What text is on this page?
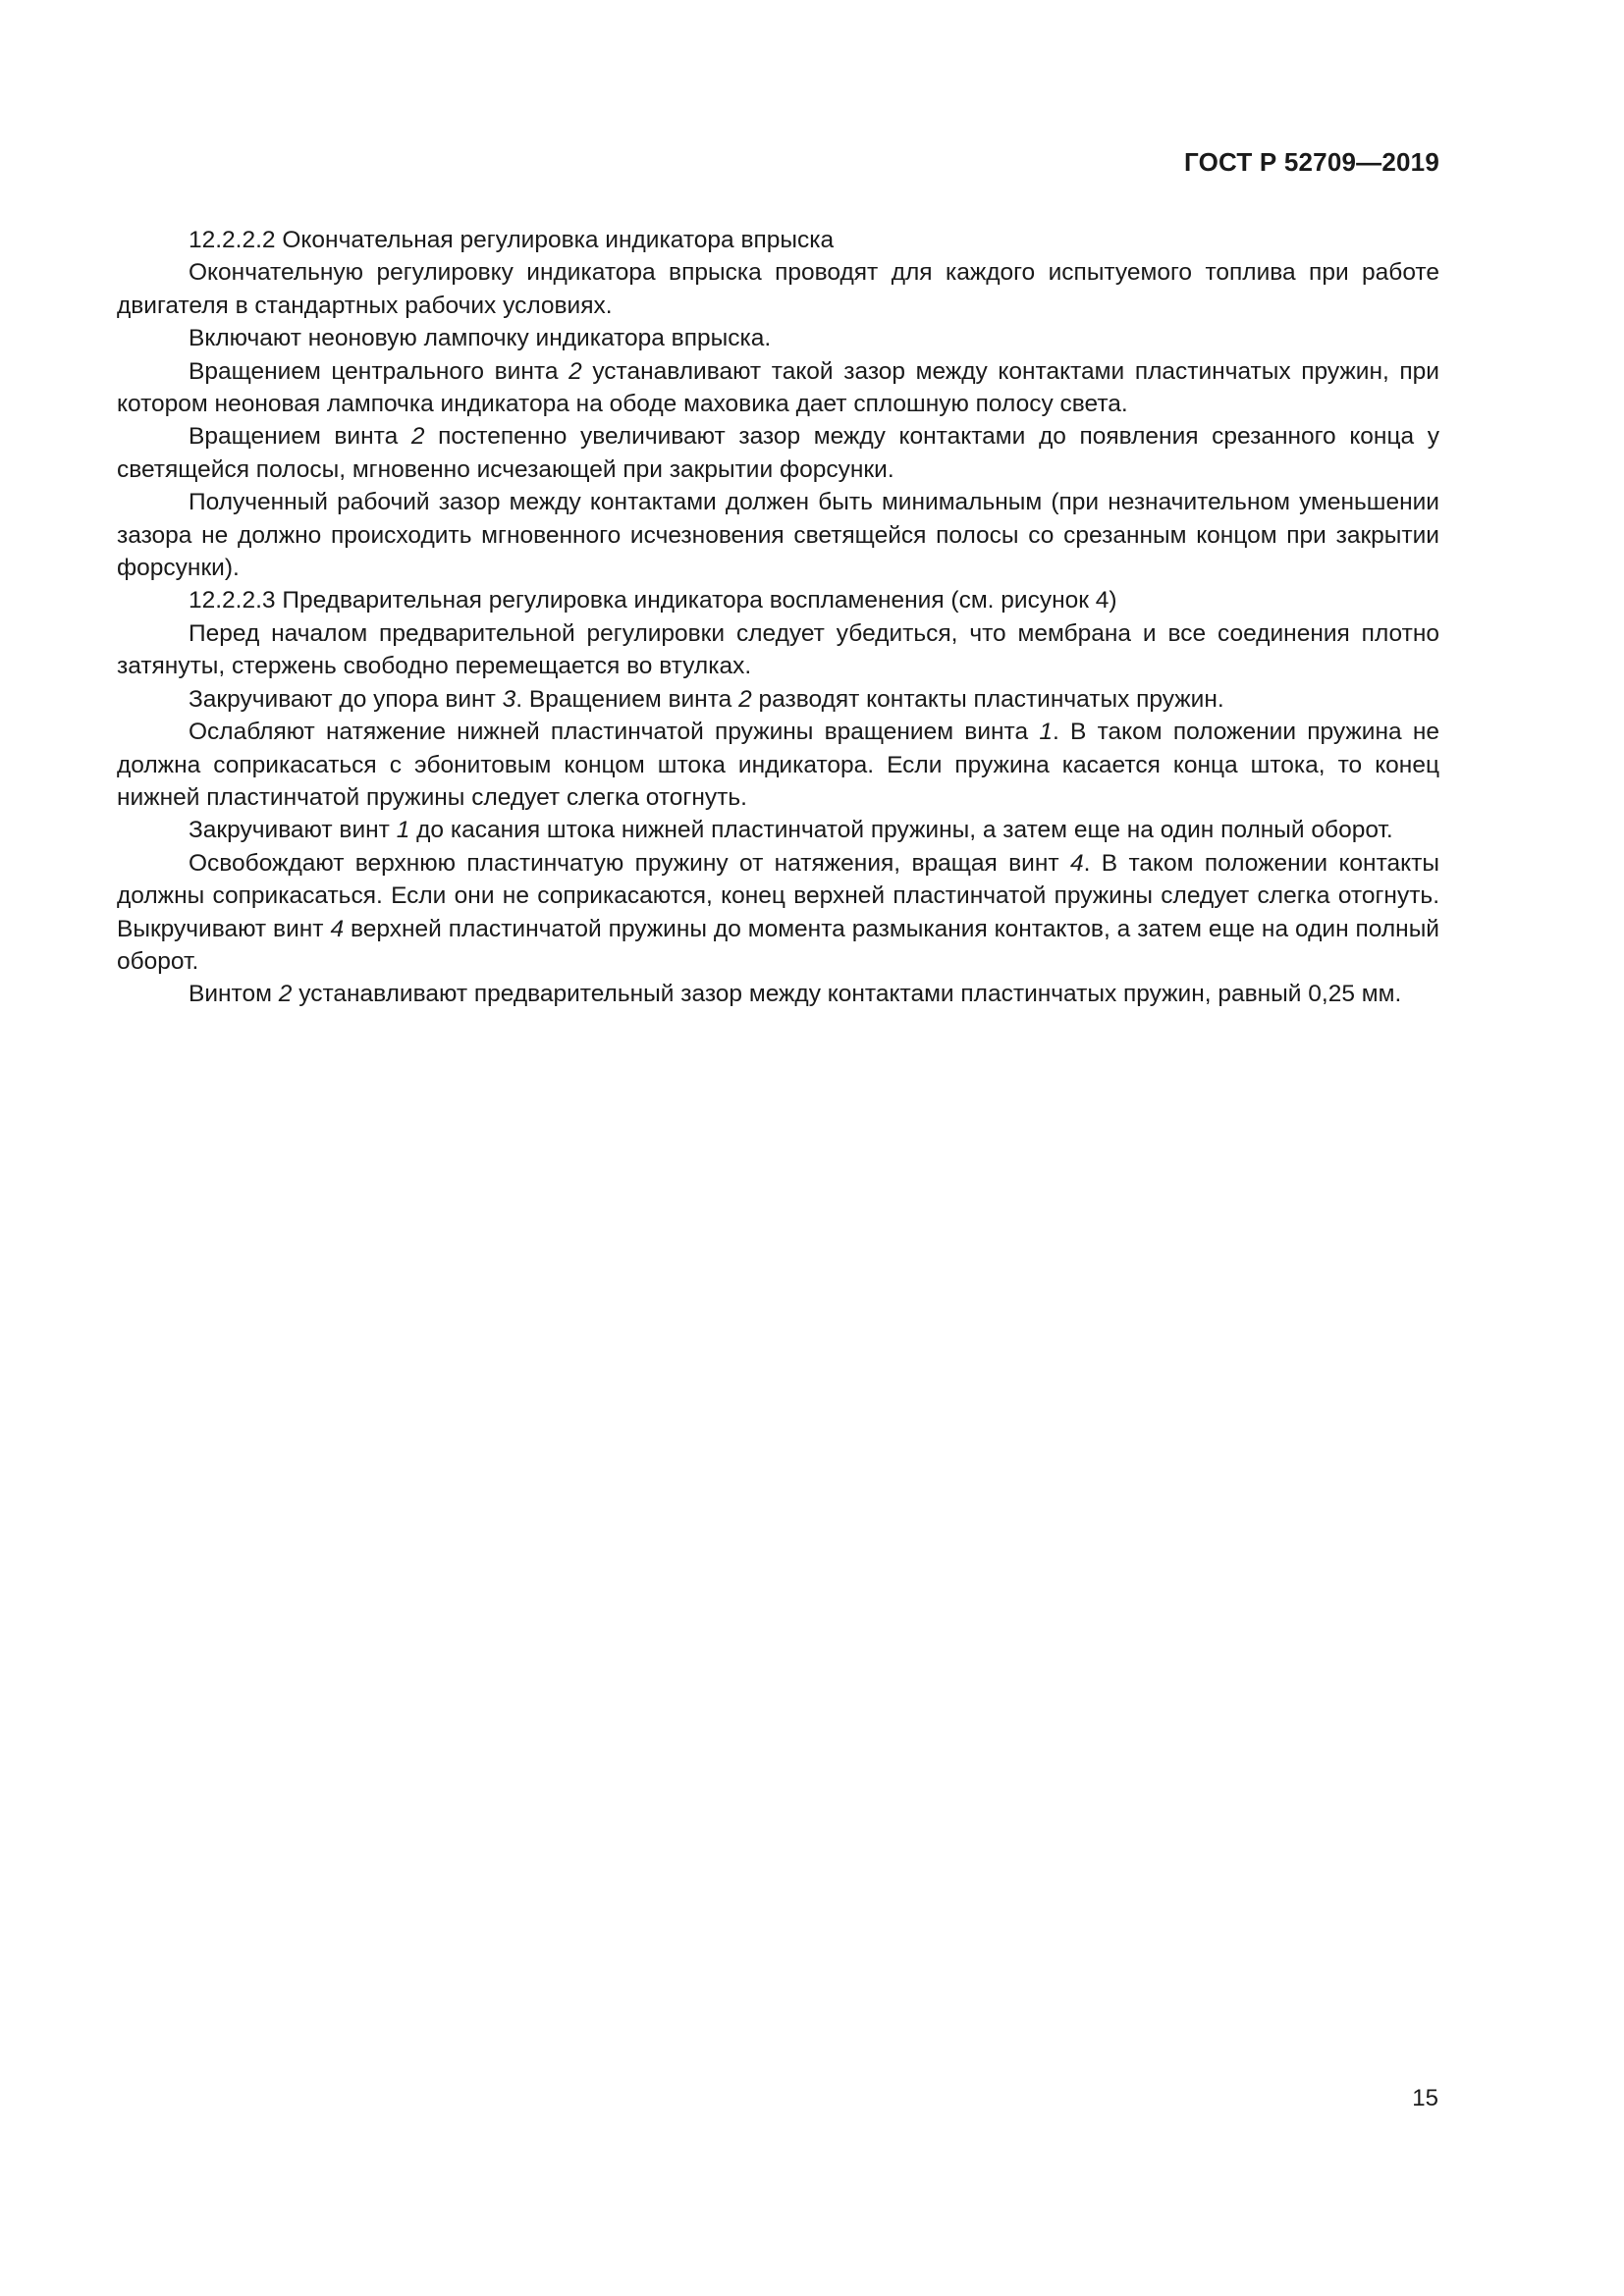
ГОСТ Р 52709—2019

12.2.2.2 Окончательная регулировка индикатора впрыска

Окончательную регулировку индикатора впрыска проводят для каждого испытуемого топлива при работе двигателя в стандартных рабочих условиях.

Включают неоновую лампочку индикатора впрыска.

Вращением центрального винта 2 устанавливают такой зазор между контактами пластинчатых пружин, при котором неоновая лампочка индикатора на ободе маховика дает сплошную полосу света.

Вращением винта 2 постепенно увеличивают зазор между контактами до появления срезанного конца у светящейся полосы, мгновенно исчезающей при закрытии форсунки.

Полученный рабочий зазор между контактами должен быть минимальным (при незначительном уменьшении зазора не должно происходить мгновенного исчезновения светящейся полосы со срезанным концом при закрытии форсунки).

12.2.2.3 Предварительная регулировка индикатора воспламенения (см. рисунок 4)

Перед началом предварительной регулировки следует убедиться, что мембрана и все соединения плотно затянуты, стержень свободно перемещается во втулках.

Закручивают до упора винт 3. Вращением винта 2 разводят контакты пластинчатых пружин.

Ослабляют натяжение нижней пластинчатой пружины вращением винта 1. В таком положении пружина не должна соприкасаться с эбонитовым концом штока индикатора. Если пружина касается конца штока, то конец нижней пластинчатой пружины следует слегка отогнуть.

Закручивают винт 1 до касания штока нижней пластинчатой пружины, а затем еще на один полный оборот.

Освобождают верхнюю пластинчатую пружину от натяжения, вращая винт 4. В таком положении контакты должны соприкасаться. Если они не соприкасаются, конец верхней пластинчатой пружины следует слегка отогнуть. Выкручивают винт 4 верхней пластинчатой пружины до момента размыкания контактов, а затем еще на один полный оборот.

Винтом 2 устанавливают предварительный зазор между контактами пластинчатых пружин, равный 0,25 мм.

15
